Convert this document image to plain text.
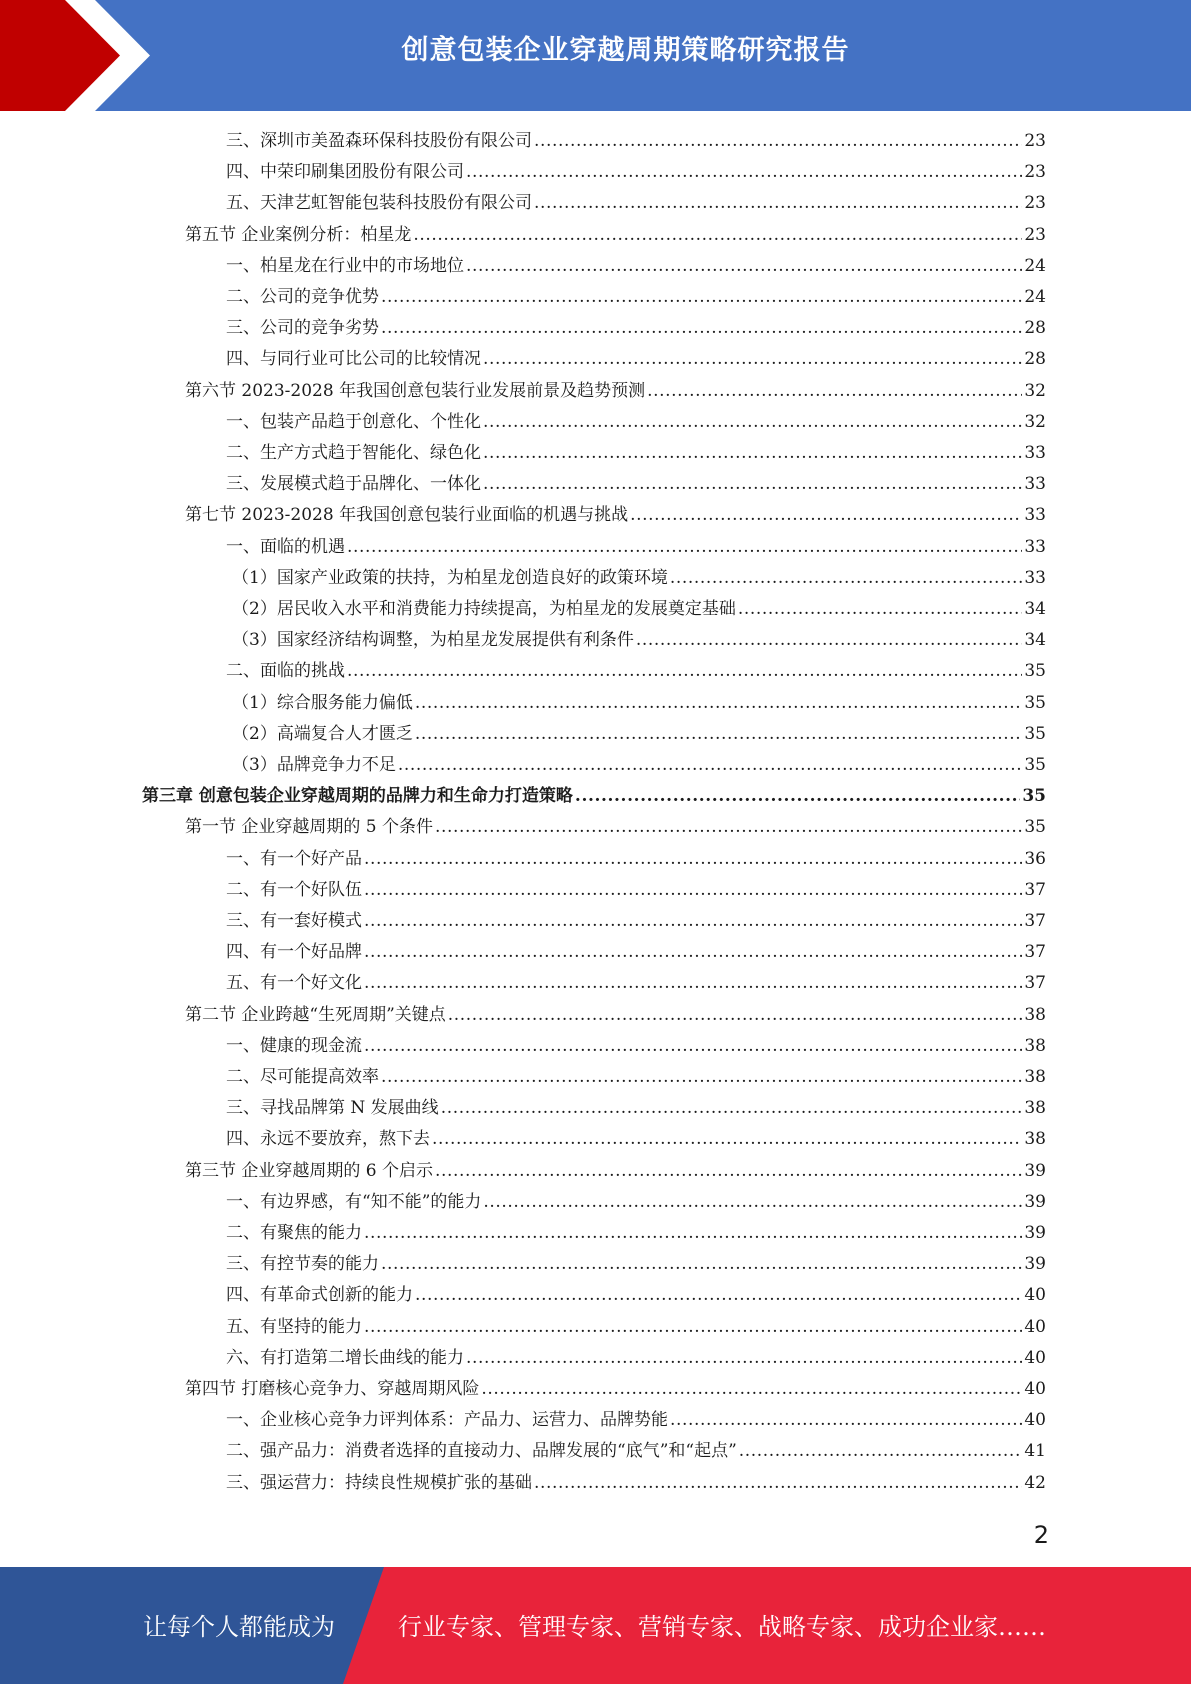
创意包装企业穿越周期策略研究报告
三、深圳市美盈森环保科技股份有限公司 .....	23
四、中荣印刷集团股份有限公司 .....	23
五、天津艺虹智能包装科技股份有限公司 .....	23
第五节 企业案例分析：柏星龙 .....	23
一、柏星龙在行业中的市场地位 .....	24
二、公司的竞争优势 .....	24
三、公司的竞争劣势 .....	28
四、与同行业可比公司的比较情况 .....	28
第六节 2023-2028 年我国创意包装行业发展前景及趋势预测 .....	32
一、包装产品趋于创意化、个性化 .....	32
二、生产方式趋于智能化、绿色化 .....	33
三、发展模式趋于品牌化、一体化 .....	33
第七节 2023-2028 年我国创意包装行业面临的机遇与挑战 .....	33
一、面临的机遇 .....	33
（1）国家产业政策的扶持，为柏星龙创造良好的政策环境 .....	33
（2）居民收入水平和消费能力持续提高，为柏星龙的发展奠定基础 .....	34
（3）国家经济结构调整，为柏星龙发展提供有利条件 .....	34
二、面临的挑战 .....	35
（1）综合服务能力偏低 .....	35
（2）高端复合人才匮乏 .....	35
（3）品牌竞争力不足 .....	35
第三章 创意包装企业穿越周期的品牌力和生命力打造策略 .....	35
第一节 企业穿越周期的 5 个条件 .....	35
一、有一个好产品 .....	36
二、有一个好队伍 .....	37
三、有一套好模式 .....	37
四、有一个好品牌 .....	37
五、有一个好文化 .....	37
第二节 企业跨越“生死周期”关键点 .....	38
一、健康的现金流 .....	38
二、尽可能提高效率 .....	38
三、寻找品牌第 N 发展曲线 .....	38
四、永远不要放弃，熬下去 .....	38
第三节 企业穿越周期的 6 个启示 .....	39
一、有边界感，有“知不能”的能力 .....	39
二、有聚焦的能力 .....	39
三、有控节奏的能力 .....	39
四、有革命式创新的能力 .....	40
五、有坚持的能力 .....	40
六、有打造第二增长曲线的能力 .....	40
第四节 打磨核心竞争力、穿越周期风险 .....	40
一、企业核心竞争力评判体系：产品力、运营力、品牌势能 .....	40
二、强产品力：消费者选择的直接动力、品牌发展的“底气”和“起点” .....	41
三、强运营力：持续良性规模扩张的基础 .....	42
2
让每个人都能成为	行业专家、管理专家、营销专家、战略专家、成功企业家……
